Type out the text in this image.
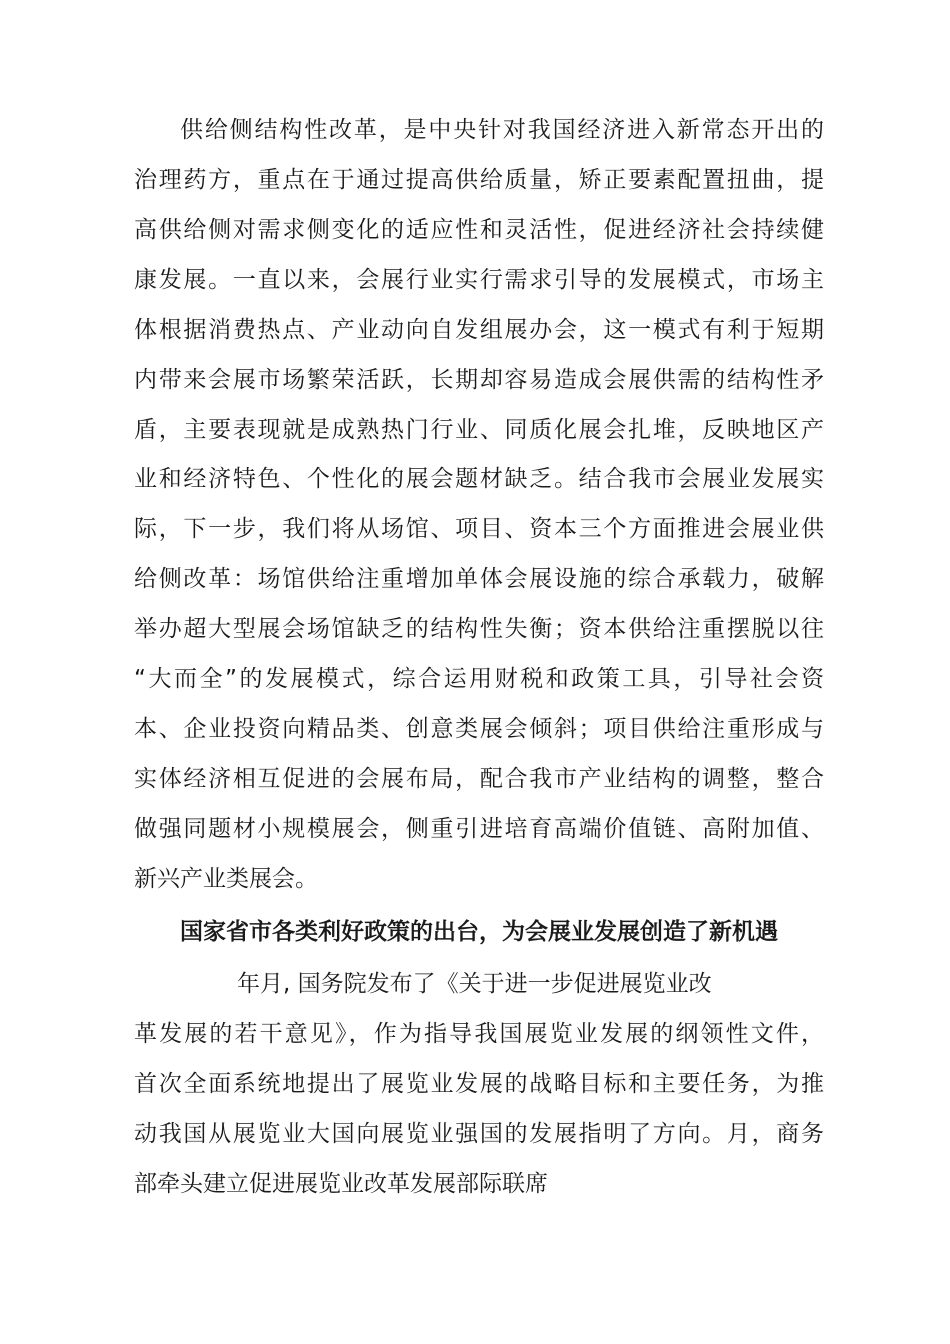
供给侧结构性改革，是中央针对我国经济进入新常态开出的
治理药方，重点在于通过提高供给质量，矫正要素配置扭曲，提
高供给侧对需求侧变化的适应性和灵活性，促进经济社会持续健
康发展。一直以来，会展行业实行需求引导的发展模式，市场主
体根据消费热点、产业动向自发组展办会，这一模式有利于短期
内带来会展市场繁荣活跃，长期却容易造成会展供需的结构性矛
盾，主要表现就是成熟热门行业、同质化展会扎堆，反映地区产
业和经济特色、个性化的展会题材缺乏。结合我市会展业发展实
际，下一步，我们将从场馆、项目、资本三个方面推进会展业供
给侧改革：场馆供给注重增加单体会展设施的综合承载力，破解
举办超大型展会场馆缺乏的结构性失衡；资本供给注重摆脱以往
“大而全”的发展模式，综合运用财税和政策工具，引导社会资
本、企业投资向精品类、创意类展会倾斜；项目供给注重形成与
实体经济相互促进的会展布局，配合我市产业结构的调整，整合
做强同题材小规模展会，侧重引进培育高端价值链、高附加值、
新兴产业类展会。
国家省市各类利好政策的出台，为会展业发展创造了新机遇
年月, 国务院发布了《关于进一步促进展览业改
革发展的若干意见》，作为指导我国展览业发展的纲领性文件，
首次全面系统地提出了展览业发展的战略目标和主要任务，为推
动我国从展览业大国向展览业强国的发展指明了方向。月，商务
部牵头建立促进展览业改革发展部际联席
